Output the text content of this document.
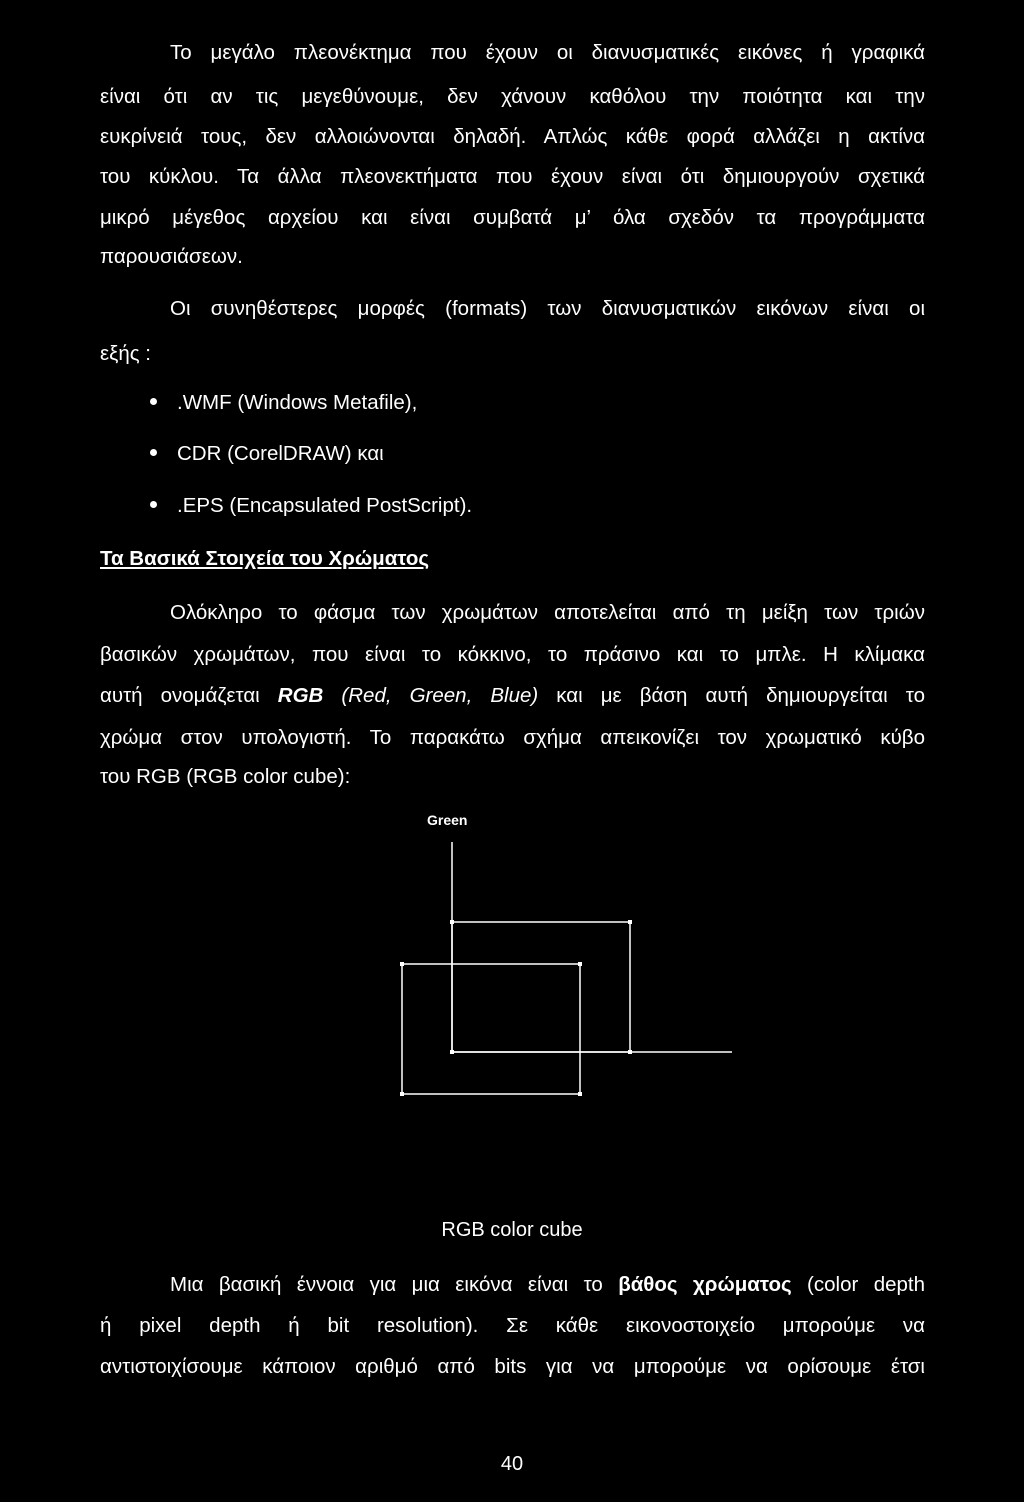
Το μεγάλο πλεονέκτημα που έχουν οι διανυσματικές εικόνες ή γραφικά
είναι ότι αν τις μεγεθύνουμε, δεν χάνουν καθόλου την ποιότητα και την
ευκρίνειά τους, δεν αλλοιώνονται δηλαδή. Απλώς κάθε φορά αλλάζει η ακτίνα
του κύκλου. Τα άλλα πλεονεκτήματα που έχουν είναι ότι δημιουργούν σχετικά
μικρό μέγεθος αρχείου και είναι συμβατά μ’ όλα σχεδόν τα προγράμματα
παρουσιάσεων.
Οι συνηθέστερες μορφές (formats) των διανυσματικών εικόνων είναι οι
εξής :
.WMF (Windows Metafile),
CDR (CorelDRAW) και
.EPS (Encapsulated PostScript).
Τα Βασικά Στοιχεία του Χρώματος
Ολόκληρο το φάσμα των χρωμάτων αποτελείται από τη μείξη των τριών
βασικών χρωμάτων, που είναι το κόκκινο, το πράσινο και το μπλε. Η κλίμακα
αυτή ονομάζεται RGB (Red, Green, Blue) και με βάση αυτή δημιουργείται το
χρώμα στον υπολογιστή. Το παρακάτω σχήμα απεικονίζει τον χρωματικό κύβο
του RGB (RGB color cube):
Green
RGB color cube
Μια βασική έννοια για μια εικόνα είναι το βάθος χρώματος (color depth
ή pixel depth ή bit resolution). Σε κάθε εικονοστοιχείο μπορούμε να
αντιστοιχίσουμε κάποιον αριθμό από bits για να μπορούμε να ορίσουμε έτσι
40
